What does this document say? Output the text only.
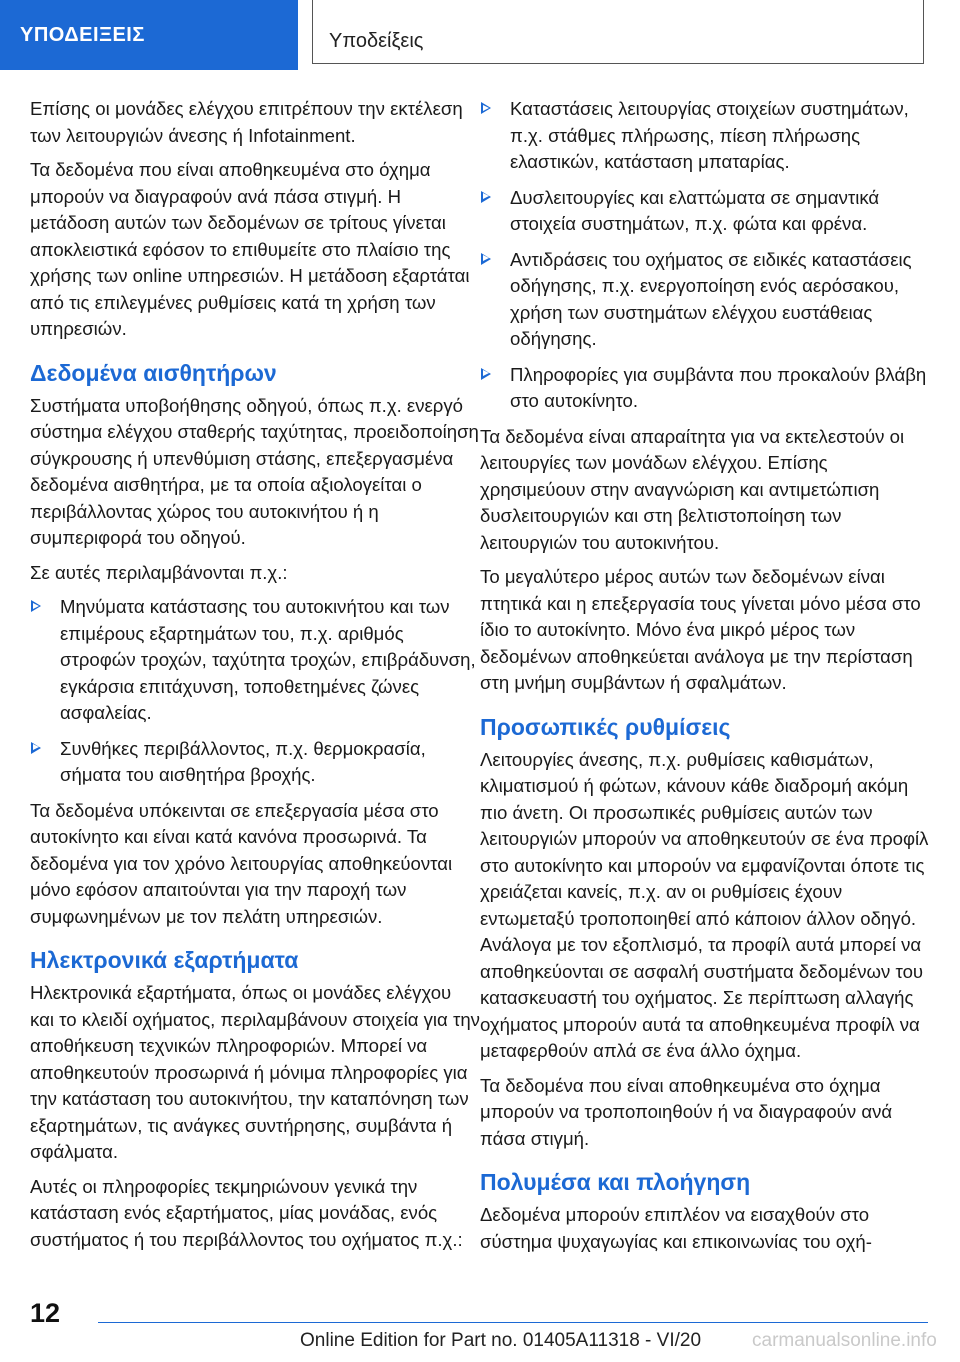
ΥΠΟΔΕΙΞΕΙΣ	Υποδείξεις

Επίσης οι μονάδες ελέγχου επιτρέπουν την εκτέλεση των λειτουργιών άνεσης ή Infotainment.

Τα δεδομένα που είναι αποθηκευμένα στο όχημα μπορούν να διαγραφούν ανά πάσα στιγμή. Η μετάδοση αυτών των δεδομένων σε τρίτους γίνεται αποκλειστικά εφόσον το επιθυμείτε στο πλαίσιο της χρήσης των online υπηρεσιών. Η μετάδοση εξαρτάται από τις επιλεγμένες ρυθμίσεις κατά τη χρήση των υπηρεσιών.

Δεδομένα αισθητήρων

Συστήματα υποβοήθησης οδηγού, όπως π.χ. ενεργό σύστημα ελέγχου σταθερής ταχύτητας, προειδοποίηση σύγκρουσης ή υπενθύμιση στάσης, επεξεργασμένα δεδομένα αισθητήρα, με τα οποία αξιολογείται ο περιβάλλοντας χώρος του αυτοκινήτου ή η συμπεριφορά του οδηγού.

Σε αυτές περιλαμβάνονται π.χ.:

Μηνύματα κατάστασης του αυτοκινήτου και των επιμέρους εξαρτημάτων του, π.χ. αριθμός στροφών τροχών, ταχύτητα τροχών, επιβράδυνση, εγκάρσια επιτάχυνση, τοποθετημένες ζώνες ασφαλείας.
Συνθήκες περιβάλλοντος, π.χ. θερμοκρασία, σήματα του αισθητήρα βροχής.

Τα δεδομένα υπόκεινται σε επεξεργασία μέσα στο αυτοκίνητο και είναι κατά κανόνα προσωρινά. Τα δεδομένα για τον χρόνο λειτουργίας αποθηκεύονται μόνο εφόσον απαιτούνται για την παροχή των συμφωνημένων με τον πελάτη υπηρεσιών.

Ηλεκτρονικά εξαρτήματα

Ηλεκτρονικά εξαρτήματα, όπως οι μονάδες ελέγχου και το κλειδί οχήματος, περιλαμβάνουν στοιχεία για την αποθήκευση τεχνικών πληροφοριών. Μπορεί να αποθηκευτούν προσωρινά ή μόνιμα πληροφορίες για την κατάσταση του αυτοκινήτου, την καταπόνηση των εξαρτημάτων, τις ανάγκες συντήρησης, συμβάντα ή σφάλματα.

Αυτές οι πληροφορίες τεκμηριώνουν γενικά την κατάσταση ενός εξαρτήματος, μίας μονάδας, ενός συστήματος ή του περιβάλλοντος του οχήματος π.χ.:

Καταστάσεις λειτουργίας στοιχείων συστημάτων, π.χ. στάθμες πλήρωσης, πίεση πλήρωσης ελαστικών, κατάσταση μπαταρίας.
Δυσλειτουργίες και ελαττώματα σε σημαντικά στοιχεία συστημάτων, π.χ. φώτα και φρένα.
Αντιδράσεις του οχήματος σε ειδικές καταστάσεις οδήγησης, π.χ. ενεργοποίηση ενός αερόσακου, χρήση των συστημάτων ελέγχου ευστάθειας οδήγησης.
Πληροφορίες για συμβάντα που προκαλούν βλάβη στο αυτοκίνητο.

Τα δεδομένα είναι απαραίτητα για να εκτελεστούν οι λειτουργίες των μονάδων ελέγχου. Επίσης χρησιμεύουν στην αναγνώριση και αντιμετώπιση δυσλειτουργιών και στη βελτιστοποίηση των λειτουργιών του αυτοκινήτου.

Το μεγαλύτερο μέρος αυτών των δεδομένων είναι πτητικά και η επεξεργασία τους γίνεται μόνο μέσα στο ίδιο το αυτοκίνητο. Μόνο ένα μικρό μέρος των δεδομένων αποθηκεύεται ανάλογα με την περίσταση στη μνήμη συμβάντων ή σφαλμάτων.

Προσωπικές ρυθμίσεις

Λειτουργίες άνεσης, π.χ. ρυθμίσεις καθισμάτων, κλιματισμού ή φώτων, κάνουν κάθε διαδρομή ακόμη πιο άνετη. Οι προσωπικές ρυθμίσεις αυτών των λειτουργιών μπορούν να αποθηκευτούν σε ένα προφίλ στο αυτοκίνητο και μπορούν να εμφανίζονται όποτε τις χρειάζεται κανείς, π.χ. αν οι ρυθμίσεις έχουν εντωμεταξύ τροποποιηθεί από κάποιον άλλον οδηγό. Ανάλογα με τον εξοπλισμό, τα προφίλ αυτά μπορεί να αποθηκεύονται σε ασφαλή συστήματα δεδομένων του κατασκευαστή του οχήματος. Σε περίπτωση αλλαγής οχήματος μπορούν αυτά τα αποθηκευμένα προφίλ να μεταφερθούν απλά σε ένα άλλο όχημα.

Τα δεδομένα που είναι αποθηκευμένα στο όχημα μπορούν να τροποποιηθούν ή να διαγραφούν ανά πάσα στιγμή.

Πολυμέσα και πλοήγηση

Δεδομένα μπορούν επιπλέον να εισαχθούν στο σύστημα ψυχαγωγίας και επικοινωνίας του οχή-

12
Online Edition for Part no. 01405A11318 - VI/20	carmanualsonline.info
